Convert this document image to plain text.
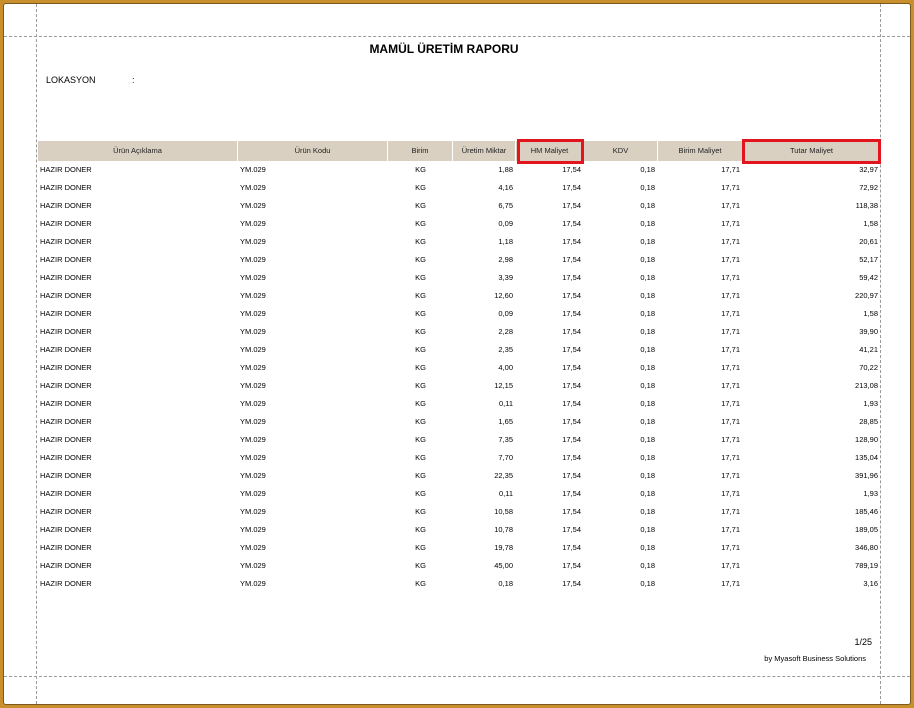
MAMÜL ÜRETİM RAPORU
LOKASYON	:
Ürün Açıklama	Ürün Kodu	Birim	Üretim Miktar	HM Maliyet	KDV	Birim Maliyet	Tutar Maliyet
HAZIR DONER	YM.029	KG	1,88	17,54	0,18	17,71	32,97
HAZIR DONER	YM.029	KG	4,16	17,54	0,18	17,71	72,92
HAZIR DONER	YM.029	KG	6,75	17,54	0,18	17,71	118,38
HAZIR DONER	YM.029	KG	0,09	17,54	0,18	17,71	1,58
HAZIR DONER	YM.029	KG	1,18	17,54	0,18	17,71	20,61
HAZIR DONER	YM.029	KG	2,98	17,54	0,18	17,71	52,17
HAZIR DONER	YM.029	KG	3,39	17,54	0,18	17,71	59,42
HAZIR DONER	YM.029	KG	12,60	17,54	0,18	17,71	220,97
HAZIR DONER	YM.029	KG	0,09	17,54	0,18	17,71	1,58
HAZIR DONER	YM.029	KG	2,28	17,54	0,18	17,71	39,90
HAZIR DONER	YM.029	KG	2,35	17,54	0,18	17,71	41,21
HAZIR DONER	YM.029	KG	4,00	17,54	0,18	17,71	70,22
HAZIR DONER	YM.029	KG	12,15	17,54	0,18	17,71	213,08
HAZIR DONER	YM.029	KG	0,11	17,54	0,18	17,71	1,93
HAZIR DONER	YM.029	KG	1,65	17,54	0,18	17,71	28,85
HAZIR DONER	YM.029	KG	7,35	17,54	0,18	17,71	128,90
HAZIR DONER	YM.029	KG	7,70	17,54	0,18	17,71	135,04
HAZIR DONER	YM.029	KG	22,35	17,54	0,18	17,71	391,96
HAZIR DONER	YM.029	KG	0,11	17,54	0,18	17,71	1,93
HAZIR DONER	YM.029	KG	10,58	17,54	0,18	17,71	185,46
HAZIR DONER	YM.029	KG	10,78	17,54	0,18	17,71	189,05
HAZIR DONER	YM.029	KG	19,78	17,54	0,18	17,71	346,80
HAZIR DONER	YM.029	KG	45,00	17,54	0,18	17,71	789,19
HAZIR DONER	YM.029	KG	0,18	17,54	0,18	17,71	3,16
1/25
by Myasoft Business Solutions
